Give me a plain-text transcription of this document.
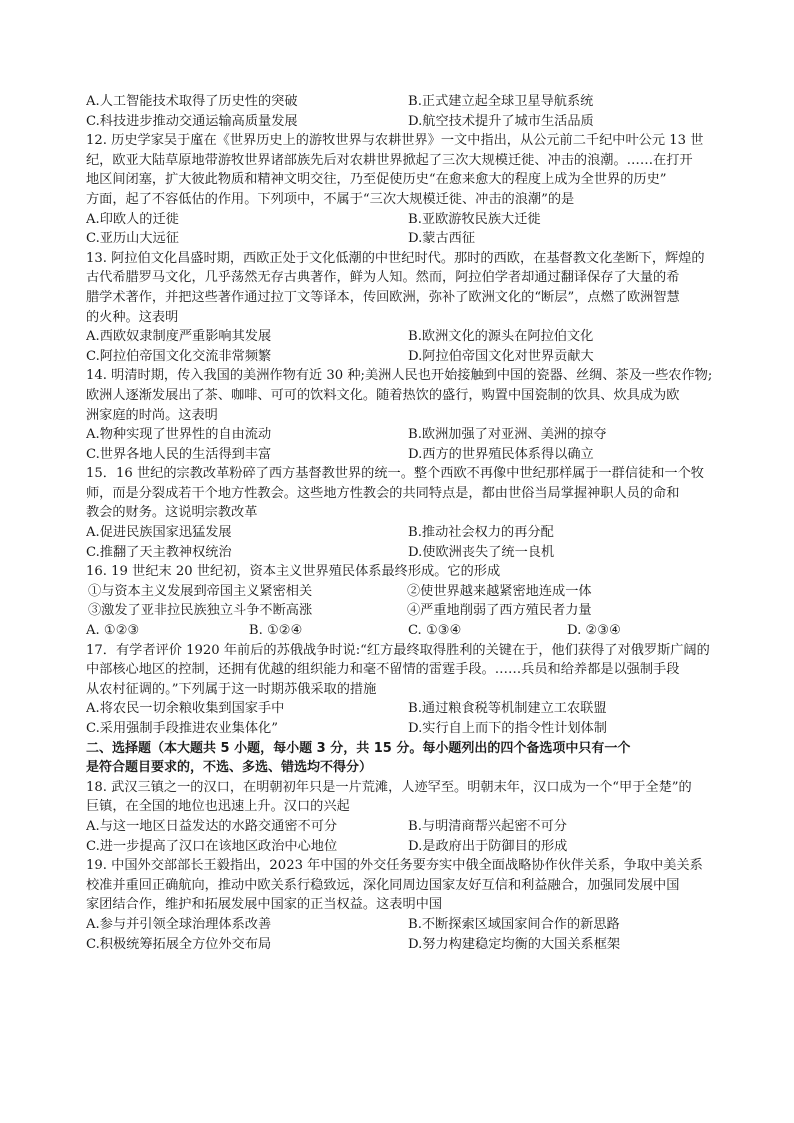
A.人工智能技术取得了历史性的突破	B.正式建立起全球卫星导航系统
C.科技进步推动交通运输高质量发展	D.航空技术提升了城市生活品质
12. 历史学家吴于廑在《世界历史上的游牧世界与农耕世界》一文中指出，从公元前二千纪中叶公元 13 世
纪，欧亚大陆草原地带游牧世界诸部族先后对农耕世界掀起了三次大规模迁徙、冲击的浪潮。……在打开
地区间闭塞，扩大彼此物质和精神文明交往，乃至促使历史“在愈来愈大的程度上成为全世界的历史”
方面，起了不容低估的作用。下列项中，不属于“三次大规模迁徙、冲击的浪潮”的是
A.印欧人的迁徙	B.亚欧游牧民族大迁徙
C.亚历山大远征	D.蒙古西征
13. 阿拉伯文化昌盛时期，西欧正处于文化低潮的中世纪时代。那时的西欧，在基督教文化垄断下，辉煌的
古代希腊罗马文化，几乎荡然无存古典著作，鲜为人知。然而，阿拉伯学者却通过翻译保存了大量的希
腊学术著作，并把这些著作通过拉丁文等译本，传回欧洲，弥补了欧洲文化的“断层”，点燃了欧洲智慧
的火种。这表明
A.西欧奴隶制度严重影响其发展	B.欧洲文化的源头在阿拉伯文化
C.阿拉伯帝国文化交流非常频繁	D.阿拉伯帝国文化对世界贡献大
14. 明清时期，传入我国的美洲作物有近 30 种;美洲人民也开始接触到中国的瓷器、丝绸、茶及一些农作物;
欧洲人逐渐发展出了茶、咖啡、可可的饮料文化。随着热饮的盛行，购置中国瓷制的饮具、炊具成为欧
洲家庭的时尚。这表明
A.物种实现了世界性的自由流动	B.欧洲加强了对亚洲、美洲的掠夺
C.世界各地人民的生活得到丰富	D.西方的世界殖民体系得以确立
15．16 世纪的宗教改革粉碎了西方基督教世界的统一。整个西欧不再像中世纪那样属于一群信徒和一个牧
师，而是分裂成若干个地方性教会。这些地方性教会的共同特点是，都由世俗当局掌握神职人员的命和
教会的财务。这说明宗教改革
A.促进民族国家迅猛发展	B.推动社会权力的再分配
C.推翻了天主教神权统治	D.使欧洲丧失了统一良机
16. 19 世纪末 20 世纪初，资本主义世界殖民体系最终形成。它的形成
①与资本主义发展到帝国主义紧密相关	②使世界越来越紧密地连成一体
③激发了亚非拉民族独立斗争不断高涨	④严重地削弱了西方殖民者力量
A. ①②③	B. ①②④	C. ①③④	D. ②③④
17．有学者评价 1920 年前后的苏俄战争时说:“红方最终取得胜利的关键在于，他们获得了对俄罗斯广阔的
中部核心地区的控制，还拥有优越的组织能力和毫不留情的雷霆手段。……兵员和给养都是以强制手段
从农村征调的。”下列属于这一时期苏俄采取的措施
A.将农民一切余粮收集到国家手中	B.通过粮食税等机制建立工农联盟
C.采用强制手段推进农业集体化”	D.实行自上而下的指令性计划体制
二、选择题（本大题共 5 小题，每小题 3 分，共 15 分。每小题列出的四个备选项中只有一个
是符合题目要求的，不选、多选、错选均不得分）
18. 武汉三镇之一的汉口，在明朝初年只是一片荒滩，人迹罕至。明朝末年，汉口成为一个“甲于全楚”的
巨镇，在全国的地位也迅速上升。汉口的兴起
A.与这一地区日益发达的水路交通密不可分	B.与明清商帮兴起密不可分
C.进一步提高了汉口在该地区政治中心地位	D.是政府出于防御目的形成
19. 中国外交部部长王毅指出，2023 年中国的外交任务要夯实中俄全面战略协作伙伴关系，争取中美关系
校准并重回正确航向，推动中欧关系行稳致远，深化同周边国家友好互信和利益融合，加强同发展中国
家团结合作，维护和拓展发展中国家的正当权益。这表明中国
A.参与并引领全球治理体系改善	B.不断探索区域国家间合作的新思路
C.积极统筹拓展全方位外交布局	D.努力构建稳定均衡的大国关系框架
